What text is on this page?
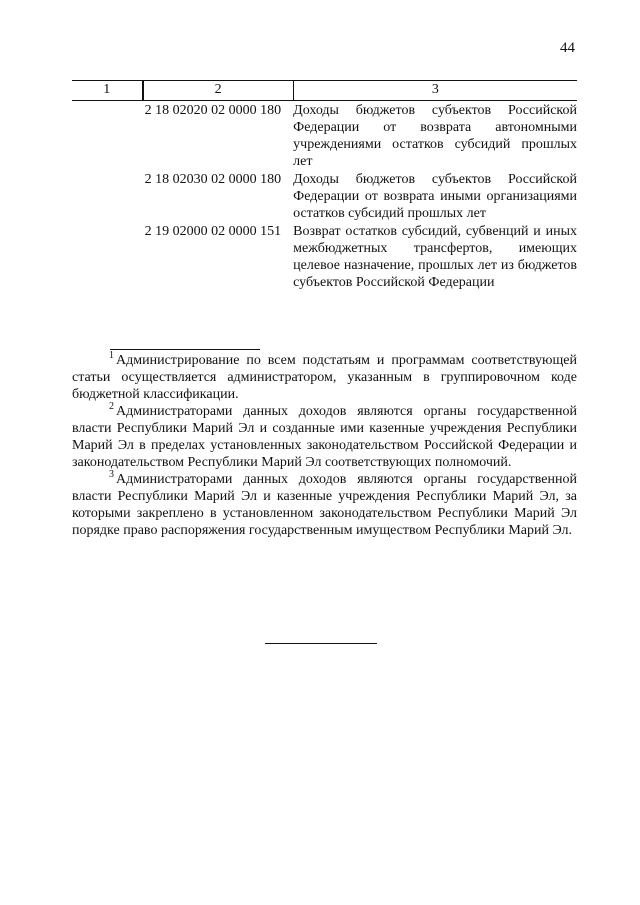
44
1	2	3
2 18 02020 02 0000 180 Доходы бюджетов субъектов Российской Федерации от возврата автономными учреждениями остатков субсидий прошлых лет
2 18 02030 02 0000 180 Доходы бюджетов субъектов Российской Федерации от возврата иными организациями остатков субсидий прошлых лет
2 19 02000 02 0000 151 Возврат остатков субсидий, субвенций и иных межбюджетных трансфертов, имеющих целевое назначение, прошлых лет из бюджетов субъектов Российской Федерации

$^1$ Администрирование по всем подстатьям и программам соответствующей статьи осуществляется администратором, указанным в группировочном коде бюджетной классификации.

$^2$ Администраторами данных доходов являются органы государственной власти Республики Марий Эл и созданные ими казенные учреждения Республики Марий Эл в пределах установленных законодательством Российской Федерации и законодательством Республики Марий Эл соответствующих полномочий.

$^3$ Администраторами данных доходов являются органы государственной власти Республики Марий Эл и казенные учреждения Республики Марий Эл, за которыми закреплено в установленном законодательством Республики Марий Эл порядке право распоряжения государственным имуществом Республики Марий Эл.
